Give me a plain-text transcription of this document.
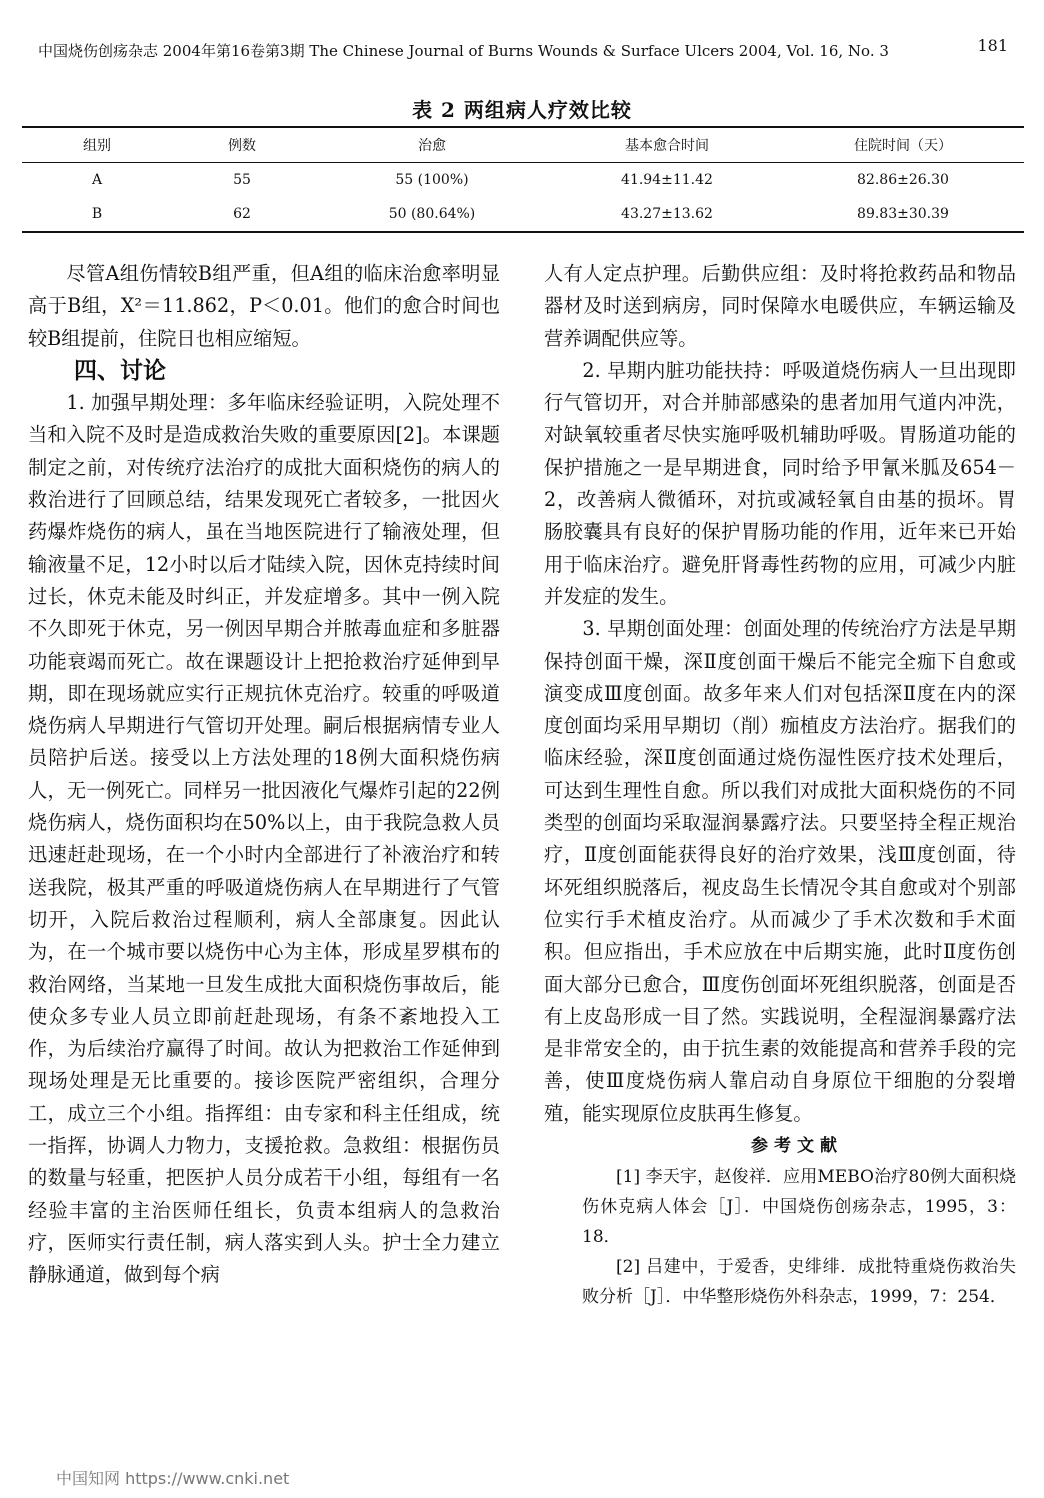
中国烧伤创疡杂志 2004年第16卷第3期 The Chinese Journal of Burns Wounds & Surface Ulcers 2004, Vol. 16, No. 3	181
表 2 两组病人疗效比较
组别	例数	治愈	基本愈合时间	住院时间（天）
A	55	55 (100%)	41.94±11.42	82.86±26.30
B	62	50 (80.64%)	43.27±13.62	89.83±30.39

尽管A组伤情较B组严重，但A组的临床治愈率明显高于B组，X²＝11.862，P＜0.01。他们的愈合时间也较B组提前，住院日也相应缩短。

四、讨论

1. 加强早期处理：多年临床经验证明，入院处理不当和入院不及时是造成救治失败的重要原因[2]。本课题制定之前，对传统疗法治疗的成批大面积烧伤的病人的救治进行了回顾总结，结果发现死亡者较多，一批因火药爆炸烧伤的病人，虽在当地医院进行了输液处理，但输液量不足，12小时以后才陆续入院，因休克持续时间过长，休克未能及时纠正，并发症增多。其中一例入院不久即死于休克，另一例因早期合并脓毒血症和多脏器功能衰竭而死亡。故在课题设计上把抢救治疗延伸到早期，即在现场就应实行正规抗休克治疗。较重的呼吸道烧伤病人早期进行气管切开处理。嗣后根据病情专业人员陪护后送。接受以上方法处理的18例大面积烧伤病人，无一例死亡。同样另一批因液化气爆炸引起的22例烧伤病人，烧伤面积均在50%以上，由于我院急救人员迅速赶赴现场，在一个小时内全部进行了补液治疗和转送我院，极其严重的呼吸道烧伤病人在早期进行了气管切开，入院后救治过程顺利，病人全部康复。因此认为，在一个城市要以烧伤中心为主体，形成星罗棋布的救治网络，当某地一旦发生成批大面积烧伤事故后，能使众多专业人员立即前赶赴现场，有条不紊地投入工作，为后续治疗赢得了时间。故认为把救治工作延伸到现场处理是无比重要的。接诊医院严密组织，合理分工，成立三个小组。指挥组：由专家和科主任组成，统一指挥，协调人力物力，支援抢救。急救组：根据伤员的数量与轻重，把医护人员分成若干小组，每组有一名经验丰富的主治医师任组长，负责本组病人的急救治疗，医师实行责任制，病人落实到人头。护士全力建立静脉通道，做到每个病

人有人定点护理。后勤供应组：及时将抢救药品和物品器材及时送到病房，同时保障水电暖供应，车辆运输及营养调配供应等。

2. 早期内脏功能扶持：呼吸道烧伤病人一旦出现即行气管切开，对合并肺部感染的患者加用气道内冲洗，对缺氧较重者尽快实施呼吸机辅助呼吸。胃肠道功能的保护措施之一是早期进食，同时给予甲氰米胍及654－2，改善病人微循环，对抗或减轻氧自由基的损坏。胃肠胶囊具有良好的保护胃肠功能的作用，近年来已开始用于临床治疗。避免肝肾毒性药物的应用，可减少内脏并发症的发生。

3. 早期创面处理：创面处理的传统治疗方法是早期保持创面干燥，深Ⅱ度创面干燥后不能完全痂下自愈或演变成Ⅲ度创面。故多年来人们对包括深Ⅱ度在内的深度创面均采用早期切（削）痂植皮方法治疗。据我们的临床经验，深Ⅱ度创面通过烧伤湿性医疗技术处理后，可达到生理性自愈。所以我们对成批大面积烧伤的不同类型的创面均采取湿润暴露疗法。只要坚持全程正规治疗，Ⅱ度创面能获得良好的治疗效果，浅Ⅲ度创面，待坏死组织脱落后，视皮岛生长情况令其自愈或对个别部位实行手术植皮治疗。从而减少了手术次数和手术面积。但应指出，手术应放在中后期实施，此时Ⅱ度伤创面大部分已愈合，Ⅲ度伤创面坏死组织脱落，创面是否有上皮岛形成一目了然。实践说明，全程湿润暴露疗法是非常安全的，由于抗生素的效能提高和营养手段的完善，使Ⅲ度烧伤病人靠启动自身原位干细胞的分裂增殖，能实现原位皮肤再生修复。

参考文献

[1] 李天宇，赵俊祥．应用MEBO治疗80例大面积烧伤休克病人体会［J］．中国烧伤创疡杂志，1995，3：18．

[2] 吕建中，于爱香，史绯绯．成批特重烧伤救治失败分析［J］．中华整形烧伤外科杂志，1999，7：254．

中国知网 https://www.cnki.net
